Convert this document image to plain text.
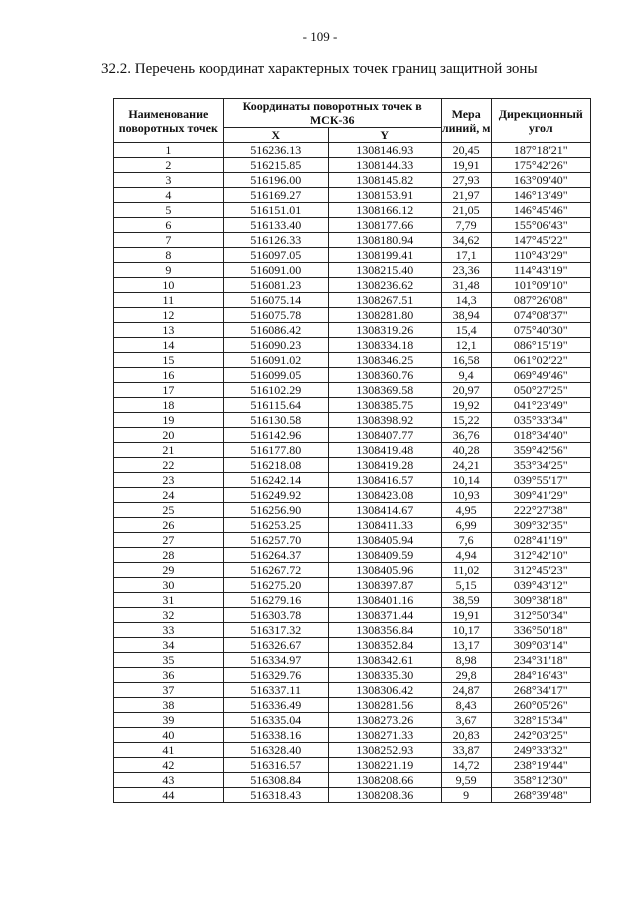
- 109 -
32.2. Перечень координат характерных точек границ защитной зоны
Наименование поворотных точек	Координаты поворотных точек в МСК-36		Мера линий, м	Дирекционный угол
	X	Y		
1	516236.13	1308146.93	20,45	187°18'21"
2	516215.85	1308144.33	19,91	175°42'26"
3	516196.00	1308145.82	27,93	163°09'40"
4	516169.27	1308153.91	21,97	146°13'49"
5	516151.01	1308166.12	21,05	146°45'46"
6	516133.40	1308177.66	7,79	155°06'43"
7	516126.33	1308180.94	34,62	147°45'22"
8	516097.05	1308199.41	17,1	110°43'29"
9	516091.00	1308215.40	23,36	114°43'19"
10	516081.23	1308236.62	31,48	101°09'10"
11	516075.14	1308267.51	14,3	087°26'08"
12	516075.78	1308281.80	38,94	074°08'37"
13	516086.42	1308319.26	15,4	075°40'30"
14	516090.23	1308334.18	12,1	086°15'19"
15	516091.02	1308346.25	16,58	061°02'22"
16	516099.05	1308360.76	9,4	069°49'46"
17	516102.29	1308369.58	20,97	050°27'25"
18	516115.64	1308385.75	19,92	041°23'49"
19	516130.58	1308398.92	15,22	035°33'34"
20	516142.96	1308407.77	36,76	018°34'40"
21	516177.80	1308419.48	40,28	359°42'56"
22	516218.08	1308419.28	24,21	353°34'25"
23	516242.14	1308416.57	10,14	039°55'17"
24	516249.92	1308423.08	10,93	309°41'29"
25	516256.90	1308414.67	4,95	222°27'38"
26	516253.25	1308411.33	6,99	309°32'35"
27	516257.70	1308405.94	7,6	028°41'19"
28	516264.37	1308409.59	4,94	312°42'10"
29	516267.72	1308405.96	11,02	312°45'23"
30	516275.20	1308397.87	5,15	039°43'12"
31	516279.16	1308401.16	38,59	309°38'18"
32	516303.78	1308371.44	19,91	312°50'34"
33	516317.32	1308356.84	10,17	336°50'18"
34	516326.67	1308352.84	13,17	309°03'14"
35	516334.97	1308342.61	8,98	234°31'18"
36	516329.76	1308335.30	29,8	284°16'43"
37	516337.11	1308306.42	24,87	268°34'17"
38	516336.49	1308281.56	8,43	260°05'26"
39	516335.04	1308273.26	3,67	328°15'34"
40	516338.16	1308271.33	20,83	242°03'25"
41	516328.40	1308252.93	33,87	249°33'32"
42	516316.57	1308221.19	14,72	238°19'44"
43	516308.84	1308208.66	9,59	358°12'30"
44	516318.43	1308208.36	9	268°39'48"
